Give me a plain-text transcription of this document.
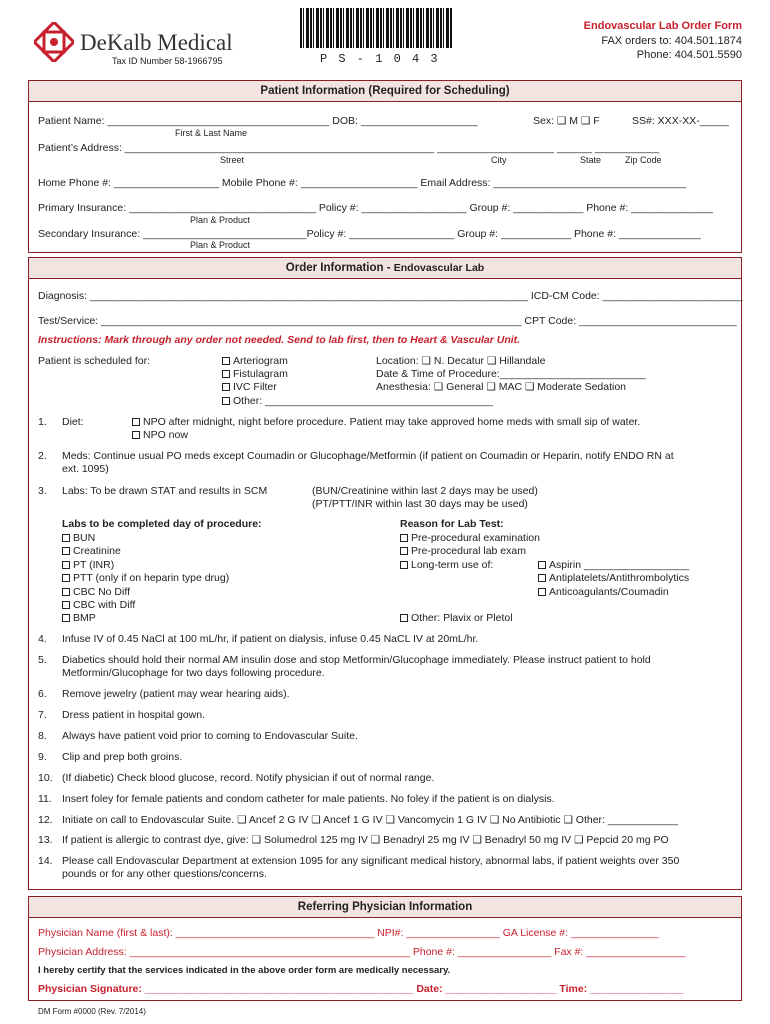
DeKalb Medical
Tax ID Number 58-1966795	P S - 1 0 4 3
Endovascular Lab Order Form
FAX orders to: 404.501.1874
Phone: 404.501.5590
Patient Information (Required for Scheduling)
Patient Name: ______________________________________ DOB: ____________________	Sex: ❑ M ❑ F	SS#: XXX-XX-_____
First & Last Name
Patient’s Address: _____________________________________________________ ____________________ ______ ___________
Street	City	State	Zip Code
Home Phone #: __________________ Mobile Phone #: ____________________ Email Address: _________________________________
Primary Insurance: ________________________________ Policy #: __________________ Group #: ____________ Phone #: ______________
Plan & Product
Secondary Insurance: ____________________________Policy #: __________________ Group #: ____________ Phone #: ______________
Plan & Product
Order Information - Endovascular Lab
Diagnosis: ___________________________________________________________________________ ICD-CM Code: ________________________
Test/Service: ________________________________________________________________________ CPT Code: ___________________________
Instructions: Mark through any order not needed. Send to lab first, then to Heart & Vascular Unit.
Patient is scheduled for:	Arteriogram
Fistulagram
IVC Filter
Other: _______________________________________
Location: ❑ N. Decatur ❑ Hillandale
Date & Time of Procedure:_________________________
Anesthesia: ❑ General ❑ MAC ❑ Moderate Sedation
1. Diet:	NPO after midnight, night before procedure. Patient may take approved home meds with small sip of water.
NPO now
2. Meds: Continue usual PO meds except Coumadin or Glucophage/Metformin (if patient on Coumadin or Heparin, notify ENDO RN at
ext. 1095)
3. Labs: To be drawn STAT and results in SCM	(BUN/Creatinine within last 2 days may be used)
(PT/PTT/INR within last 30 days may be used)
Labs to be completed day of procedure:
BUN
Creatinine
PT (INR)
PTT (only if on heparin type drug)
CBC No Diff
CBC with Diff
BMP
Reason for Lab Test:
Pre-procedural examination
Pre-procedural lab exam
Long-term use of:	Aspirin __________________
Antiplatelets/Antithrombolytics
Anticoagulants/Coumadin
Other: Plavix or Pletol
4. Infuse IV of 0.45 NaCl at 100 mL/hr, if patient on dialysis, infuse 0.45 NaCL IV at 20mL/hr.
5. Diabetics should hold their normal AM insulin dose and stop Metformin/Glucophage immediately. Please instruct patient to hold
Metformin/Glucophage for two days following procedure.
6. Remove jewelry (patient may wear hearing aids).
7. Dress patient in hospital gown.
8. Always have patient void prior to coming to Endovascular Suite.
9. Clip and prep both groins.
10. (If diabetic) Check blood glucose, record. Notify physician if out of normal range.
11. Insert foley for female patients and condom catheter for male patients. No foley if the patient is on dialysis.
12. Initiate on call to Endovascular Suite. ❑ Ancef 2 G IV ❑ Ancef 1 G IV ❑ Vancomycin 1 G IV ❑ No Antibiotic ❑ Other: ____________
13. If patient is allergic to contrast dye, give: ❑ Solumedrol 125 mg IV ❑ Benadryl 25 mg IV ❑ Benadryl 50 mg IV ❑ Pepcid 20 mg PO
14. Please call Endovascular Department at extension 1095 for any significant medical history, abnormal labs, if patient weights over 350
pounds or for any other questions/concerns.
Referring Physician Information
Physician Name (first & last): __________________________________ NPI#: ________________ GA License #: _______________
Physician Address: ________________________________________________ Phone #: ________________ Fax #: _________________
I hereby certify that the services indicated in the above order form are medically necessary.
Physician Signature: ______________________________________________ Date: ___________________ Time: ________________
DM Form #0000 (Rev. 7/2014)
